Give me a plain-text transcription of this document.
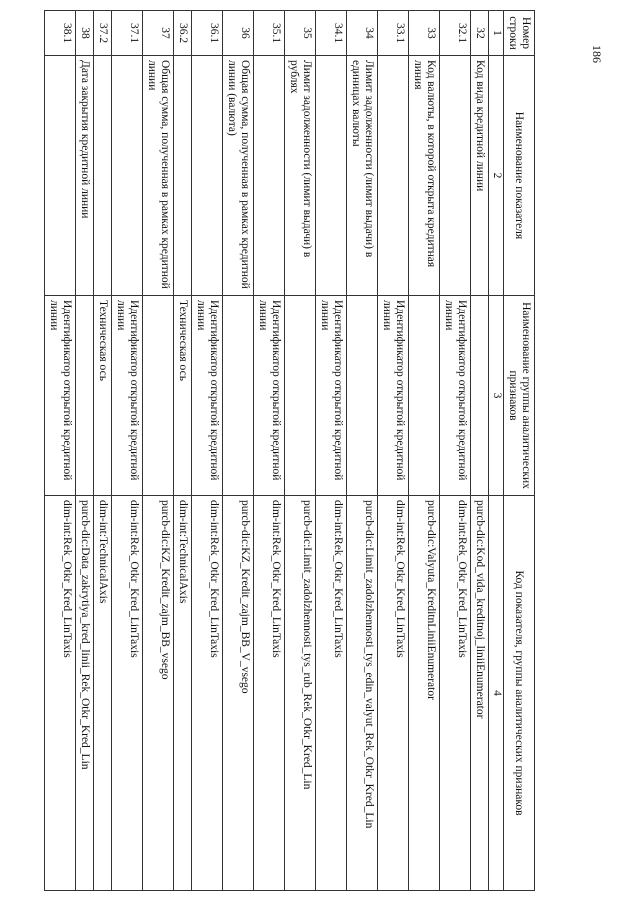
186
Номер строки	Наименование показателя	Наименование группы аналитических признаков	Код показателя, группы аналитических признаков
1	2	3	4
32	Код вида кредитной линии		purcb-dic:Kod_vida_kreditnoj_liniiEnumerator
32.1		Идентификатор открытой кредитной линии	dim-int:Rek_Otkr_Kred_LinTaxis
33	Код валюты, в которой открыта кредитная линия		purcb-dic:Valyuta_KreditnLiniiEnumerator
33.1		Идентификатор открытой кредитной линии	dim-int:Rek_Otkr_Kred_LinTaxis
34	Лимит задолженности (лимит выдачи) в единицах валюты		purcb-dic:Limit_zadolzhennosti_tys_edin_valyut_Rek_Otkr_Kred_Lin
34.1		Идентификатор открытой кредитной линии	dim-int:Rek_Otkr_Kred_LinTaxis
35	Лимит задолженности (лимит выдачи) в рублях		purcb-dic:Limit_zadolzhennosti_tys_rub_Rek_Otkr_Kred_Lin
35.1		Идентификатор открытой кредитной линии	dim-int:Rek_Otkr_Kred_LinTaxis
36	Общая сумма, полученная в рамках кредитной линии (валюта)		purcb-dic:KZ_Kredit_zajm_BB_V_vsego
36.1		Идентификатор открытой кредитной линии	dim-int:Rek_Otkr_Kred_LinTaxis
36.2		Техническая ось	dim-int:TechnicalAxis
37	Общая сумма, полученная в рамках кредитной линии		purcb-dic:KZ_Kredit_zajm_BB_vsego
37.1		Идентификатор открытой кредитной линии	dim-int:Rek_Otkr_Kred_LinTaxis
37.2		Техническая ось	dim-int:TechnicalAxis
38	Дата закрытия кредитной линии		purcb-dic:Data_zakrytiya_kred_linii_Rek_Otkr_Kred_Lin
38.1		Идентификатор открытой кредитной линии	dim-int:Rek_Otkr_Kred_LinTaxis
